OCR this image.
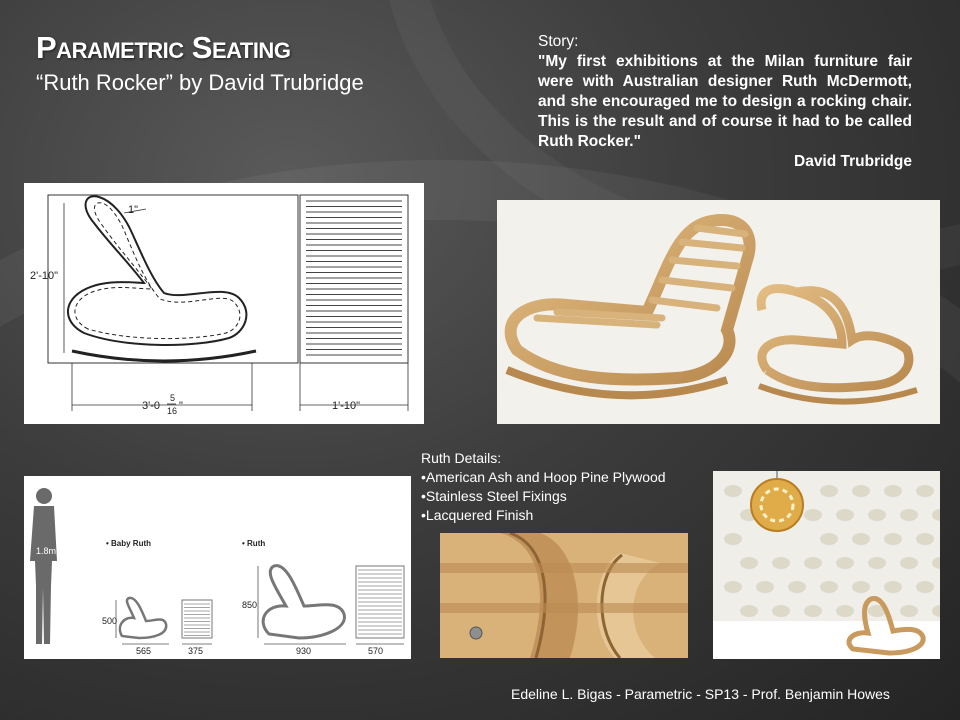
Parametric Seating
“Ruth Rocker” by David Trubridge
Story:
"My first exhibitions at the Milan furniture fair were with Australian designer Ruth McDermott, and she encouraged me to design a rocking chair. This is the result and of course it had to be called Ruth Rocker."
David Trubridge
2'-10"
1"
3'-0
5
16 "	1'-10"
1.8m
• Baby Ruth
500
565	375
• Ruth
850
930	570
Ruth Details:
•American Ash and Hoop Pine Plywood
•Stainless Steel Fixings
•Lacquered Finish
Edeline L. Bigas - Parametric - SP13 - Prof. Benjamin Howes
